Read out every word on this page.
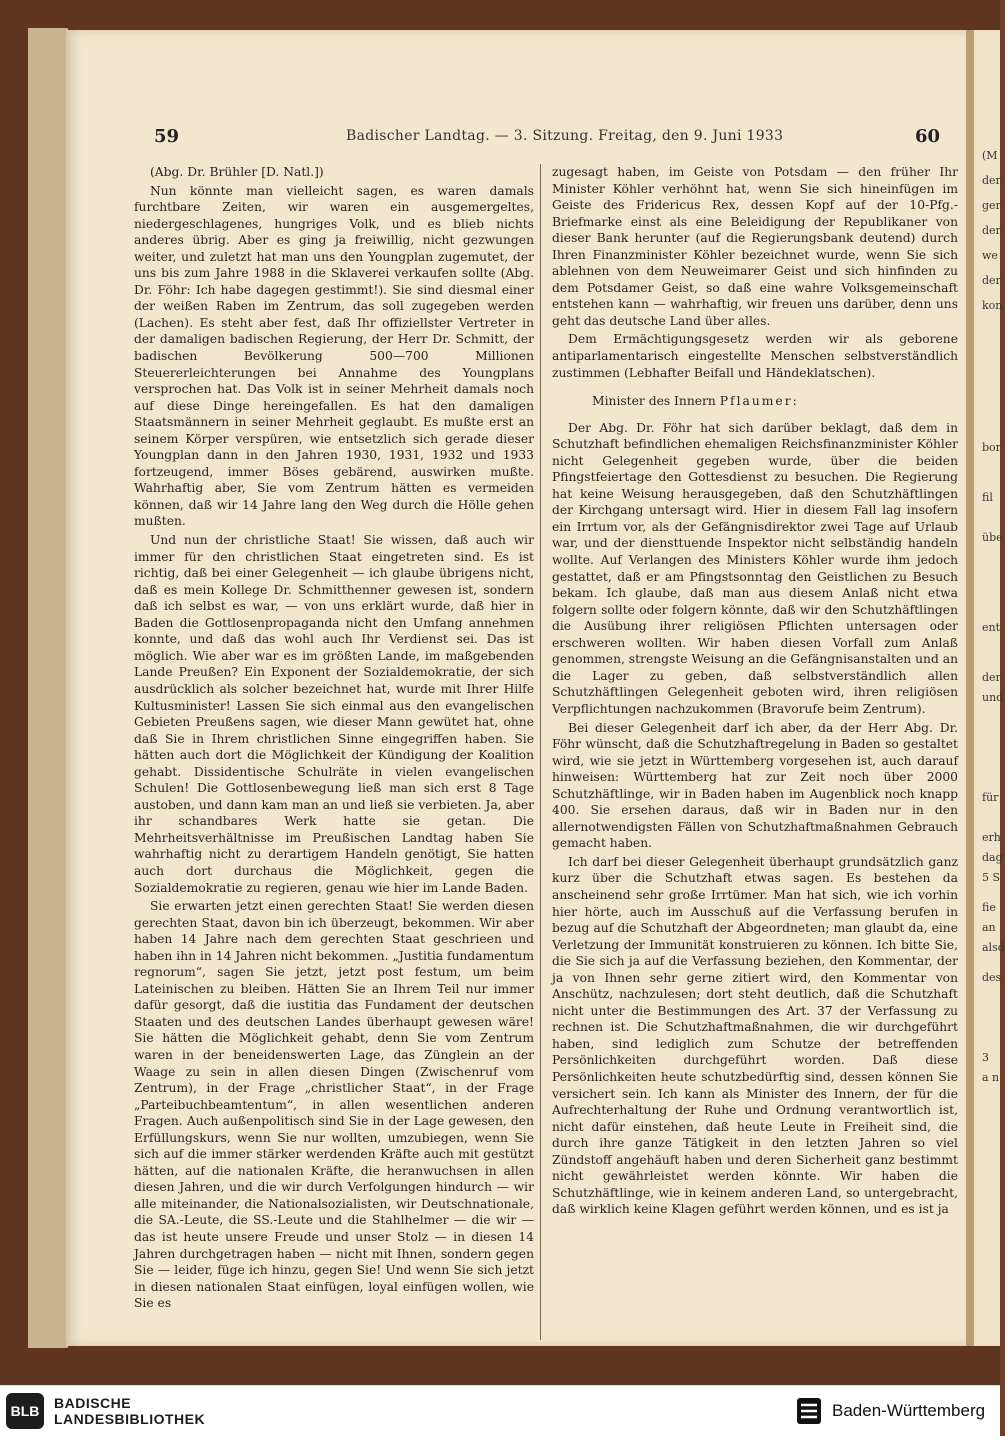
59	Badischer Landtag. — 3. Sitzung. Freitag, den 9. Juni 1933	60

(Abg. Dr. Brühler [D. Natl.])

Nun könnte man vielleicht sagen, es waren damals furchtbare Zeiten, wir waren ein ausgemergeltes, niedergeschlagenes, hungriges Volk, und es blieb nichts anderes übrig. Aber es ging ja freiwillig, nicht gezwungen weiter, und zuletzt hat man uns den Youngplan zugemutet, der uns bis zum Jahre 1988 in die Sklaverei verkaufen sollte (Abg. Dr. Föhr: Ich habe dagegen gestimmt!). Sie sind diesmal einer der weißen Raben im Zentrum, das soll zugegeben werden (Lachen). Es steht aber fest, daß Ihr offiziellster Vertreter in der damaligen badischen Regierung, der Herr Dr. Schmitt, der badischen Bevölkerung 500—700 Millionen Steuererleichterungen bei Annahme des Youngplans versprochen hat. Das Volk ist in seiner Mehrheit damals noch auf diese Dinge hereingefallen. Es hat den damaligen Staatsmännern in seiner Mehrheit geglaubt. Es mußte erst an seinem Körper verspüren, wie entsetzlich sich gerade dieser Youngplan dann in den Jahren 1930, 1931, 1932 und 1933 fortzeugend, immer Böses gebärend, auswirken mußte. Wahrhaftig aber, Sie vom Zentrum hätten es vermeiden können, daß wir 14 Jahre lang den Weg durch die Hölle gehen mußten.

Und nun der christliche Staat! Sie wissen, daß auch wir immer für den christlichen Staat eingetreten sind. Es ist richtig, daß bei einer Gelegenheit — ich glaube übrigens nicht, daß es mein Kollege Dr. Schmitthenner gewesen ist, sondern daß ich selbst es war, — von uns erklärt wurde, daß hier in Baden die Gottlosenpropaganda nicht den Umfang annehmen konnte, und daß das wohl auch Ihr Verdienst sei. Das ist möglich. Wie aber war es im größten Lande, im maßgebenden Lande Preußen? Ein Exponent der Sozialdemokratie, der sich ausdrücklich als solcher bezeichnet hat, wurde mit Ihrer Hilfe Kultusminister! Lassen Sie sich einmal aus den evangelischen Gebieten Preußens sagen, wie dieser Mann gewütet hat, ohne daß Sie in Ihrem christlichen Sinne eingegriffen haben. Sie hätten auch dort die Möglichkeit der Kündigung der Koalition gehabt. Dissidentische Schulräte in vielen evangelischen Schulen! Die Gottlosenbewegung ließ man sich erst 8 Tage austoben, und dann kam man an und ließ sie verbieten. Ja, aber ihr schandbares Werk hatte sie getan. Die Mehrheitsverhältnisse im Preußischen Landtag haben Sie wahrhaftig nicht zu derartigem Handeln genötigt, Sie hatten auch dort durchaus die Möglichkeit, gegen die Sozialdemokratie zu regieren, genau wie hier im Lande Baden.

Sie erwarten jetzt einen gerechten Staat! Sie werden diesen gerechten Staat, davon bin ich überzeugt, bekommen. Wir aber haben 14 Jahre nach dem gerechten Staat geschrieen und haben ihn in 14 Jahren nicht bekommen. „Justitia fundamentum regnorum“, sagen Sie jetzt, jetzt post festum, um beim Lateinischen zu bleiben. Hätten Sie an Ihrem Teil nur immer dafür gesorgt, daß die iustitia das Fundament der deutschen Staaten und des deutschen Landes überhaupt gewesen wäre! Sie hätten die Möglichkeit gehabt, denn Sie vom Zentrum waren in der beneidenswerten Lage, das Zünglein an der Waage zu sein in allen diesen Dingen (Zwischenruf vom Zentrum), in der Frage „christlicher Staat“, in der Frage „Parteibuchbeamtentum“, in allen wesentlichen anderen Fragen. Auch außenpolitisch sind Sie in der Lage gewesen, den Erfüllungskurs, wenn Sie nur wollten, umzubiegen, wenn Sie sich auf die immer stärker werdenden Kräfte auch mit gestützt hätten, auf die nationalen Kräfte, die heranwuchsen in allen diesen Jahren, und die wir durch Verfolgungen hindurch — wir alle miteinander, die Nationalsozialisten, wir Deutschnationale, die SA.-Leute, die SS.-Leute und die Stahlhelmer — die wir — das ist heute unsere Freude und unser Stolz — in diesen 14 Jahren durchgetragen haben — nicht mit Ihnen, sondern gegen Sie — leider, füge ich hinzu, gegen Sie! Und wenn Sie sich jetzt in diesen nationalen Staat einfügen, loyal einfügen wollen, wie Sie es

zugesagt haben, im Geiste von Potsdam — den früher Ihr Minister Köhler verhöhnt hat, wenn Sie sich hineinfügen im Geiste des Fridericus Rex, dessen Kopf auf der 10-Pfg.-Briefmarke einst als eine Beleidigung der Republikaner von dieser Bank herunter (auf die Regierungsbank deutend) durch Ihren Finanzminister Köhler bezeichnet wurde, wenn Sie sich ablehnen von dem Neuweimarer Geist und sich hinfinden zu dem Potsdamer Geist, so daß eine wahre Volksgemeinschaft entstehen kann — wahrhaftig, wir freuen uns darüber, denn uns geht das deutsche Land über alles.

Dem Ermächtigungsgesetz werden wir als geborene antiparlamentarisch eingestellte Menschen selbstverständlich zustimmen (Lebhafter Beifall und Händeklatschen).

Minister des Innern Pflaumer:

Der Abg. Dr. Föhr hat sich darüber beklagt, daß dem in Schutzhaft befindlichen ehemaligen Reichsfinanzminister Köhler nicht Gelegenheit gegeben wurde, über die beiden Pfingstfeiertage den Gottesdienst zu besuchen. Die Regierung hat keine Weisung herausgegeben, daß den Schutzhäftlingen der Kirchgang untersagt wird. Hier in diesem Fall lag insofern ein Irrtum vor, als der Gefängnisdirektor zwei Tage auf Urlaub war, und der diensttuende Inspektor nicht selbständig handeln wollte. Auf Verlangen des Ministers Köhler wurde ihm jedoch gestattet, daß er am Pfingstsonntag den Geistlichen zu Besuch bekam. Ich glaube, daß man aus diesem Anlaß nicht etwa folgern sollte oder folgern könnte, daß wir den Schutzhäftlingen die Ausübung ihrer religiösen Pflichten untersagen oder erschweren wollten. Wir haben diesen Vorfall zum Anlaß genommen, strengste Weisung an die Gefängnisanstalten und an die Lager zu geben, daß selbstverständlich allen Schutzhäftlingen Gelegenheit geboten wird, ihren religiösen Verpflichtungen nachzukommen (Bravorufe beim Zentrum).

Bei dieser Gelegenheit darf ich aber, da der Herr Abg. Dr. Föhr wünscht, daß die Schutzhaftregelung in Baden so gestaltet wird, wie sie jetzt in Württemberg vorgesehen ist, auch darauf hinweisen: Württemberg hat zur Zeit noch über 2000 Schutzhäftlinge, wir in Baden haben im Augenblick noch knapp 400. Sie ersehen daraus, daß wir in Baden nur in den allernotwendigsten Fällen von Schutzhaftmaßnahmen Gebrauch gemacht haben.

Ich darf bei dieser Gelegenheit überhaupt grundsätzlich ganz kurz über die Schutzhaft etwas sagen. Es bestehen da anscheinend sehr große Irrtümer. Man hat sich, wie ich vorhin hier hörte, auch im Ausschuß auf die Verfassung berufen in bezug auf die Schutzhaft der Abgeordneten; man glaubt da, eine Verletzung der Immunität konstruieren zu können. Ich bitte Sie, die Sie sich ja auf die Verfassung beziehen, den Kommentar, der ja von Ihnen sehr gerne zitiert wird, den Kommentar von Anschütz, nachzulesen; dort steht deutlich, daß die Schutzhaft nicht unter die Bestimmungen des Art. 37 der Verfassung zu rechnen ist. Die Schutzhaftmaßnahmen, die wir durchgeführt haben, sind lediglich zum Schutze der betreffenden Persönlichkeiten durchgeführt worden. Daß diese Persönlichkeiten heute schutzbedürftig sind, dessen können Sie versichert sein. Ich kann als Minister des Innern, der für die Aufrechterhaltung der Ruhe und Ordnung verantwortlich ist, nicht dafür einstehen, daß heute Leute in Freiheit sind, die durch ihre ganze Tätigkeit in den letzten Jahren so viel Zündstoff angehäuft haben und deren Sicherheit ganz bestimmt nicht gewährleistet werden könnte. Wir haben die Schutzhäftlinge, wie in keinem anderen Land, so untergebracht, daß wirklich keine Klagen geführt werden können, und es ist ja

(M
der
ger
der
we
der
kon
bor
fil
übe
ent
der
und
für
erh
dag
5 S
fie
an
alsd
des
3
a n
BLB	BADISCHE
LANDESBIBLIOTHEK	Baden-Württemberg
